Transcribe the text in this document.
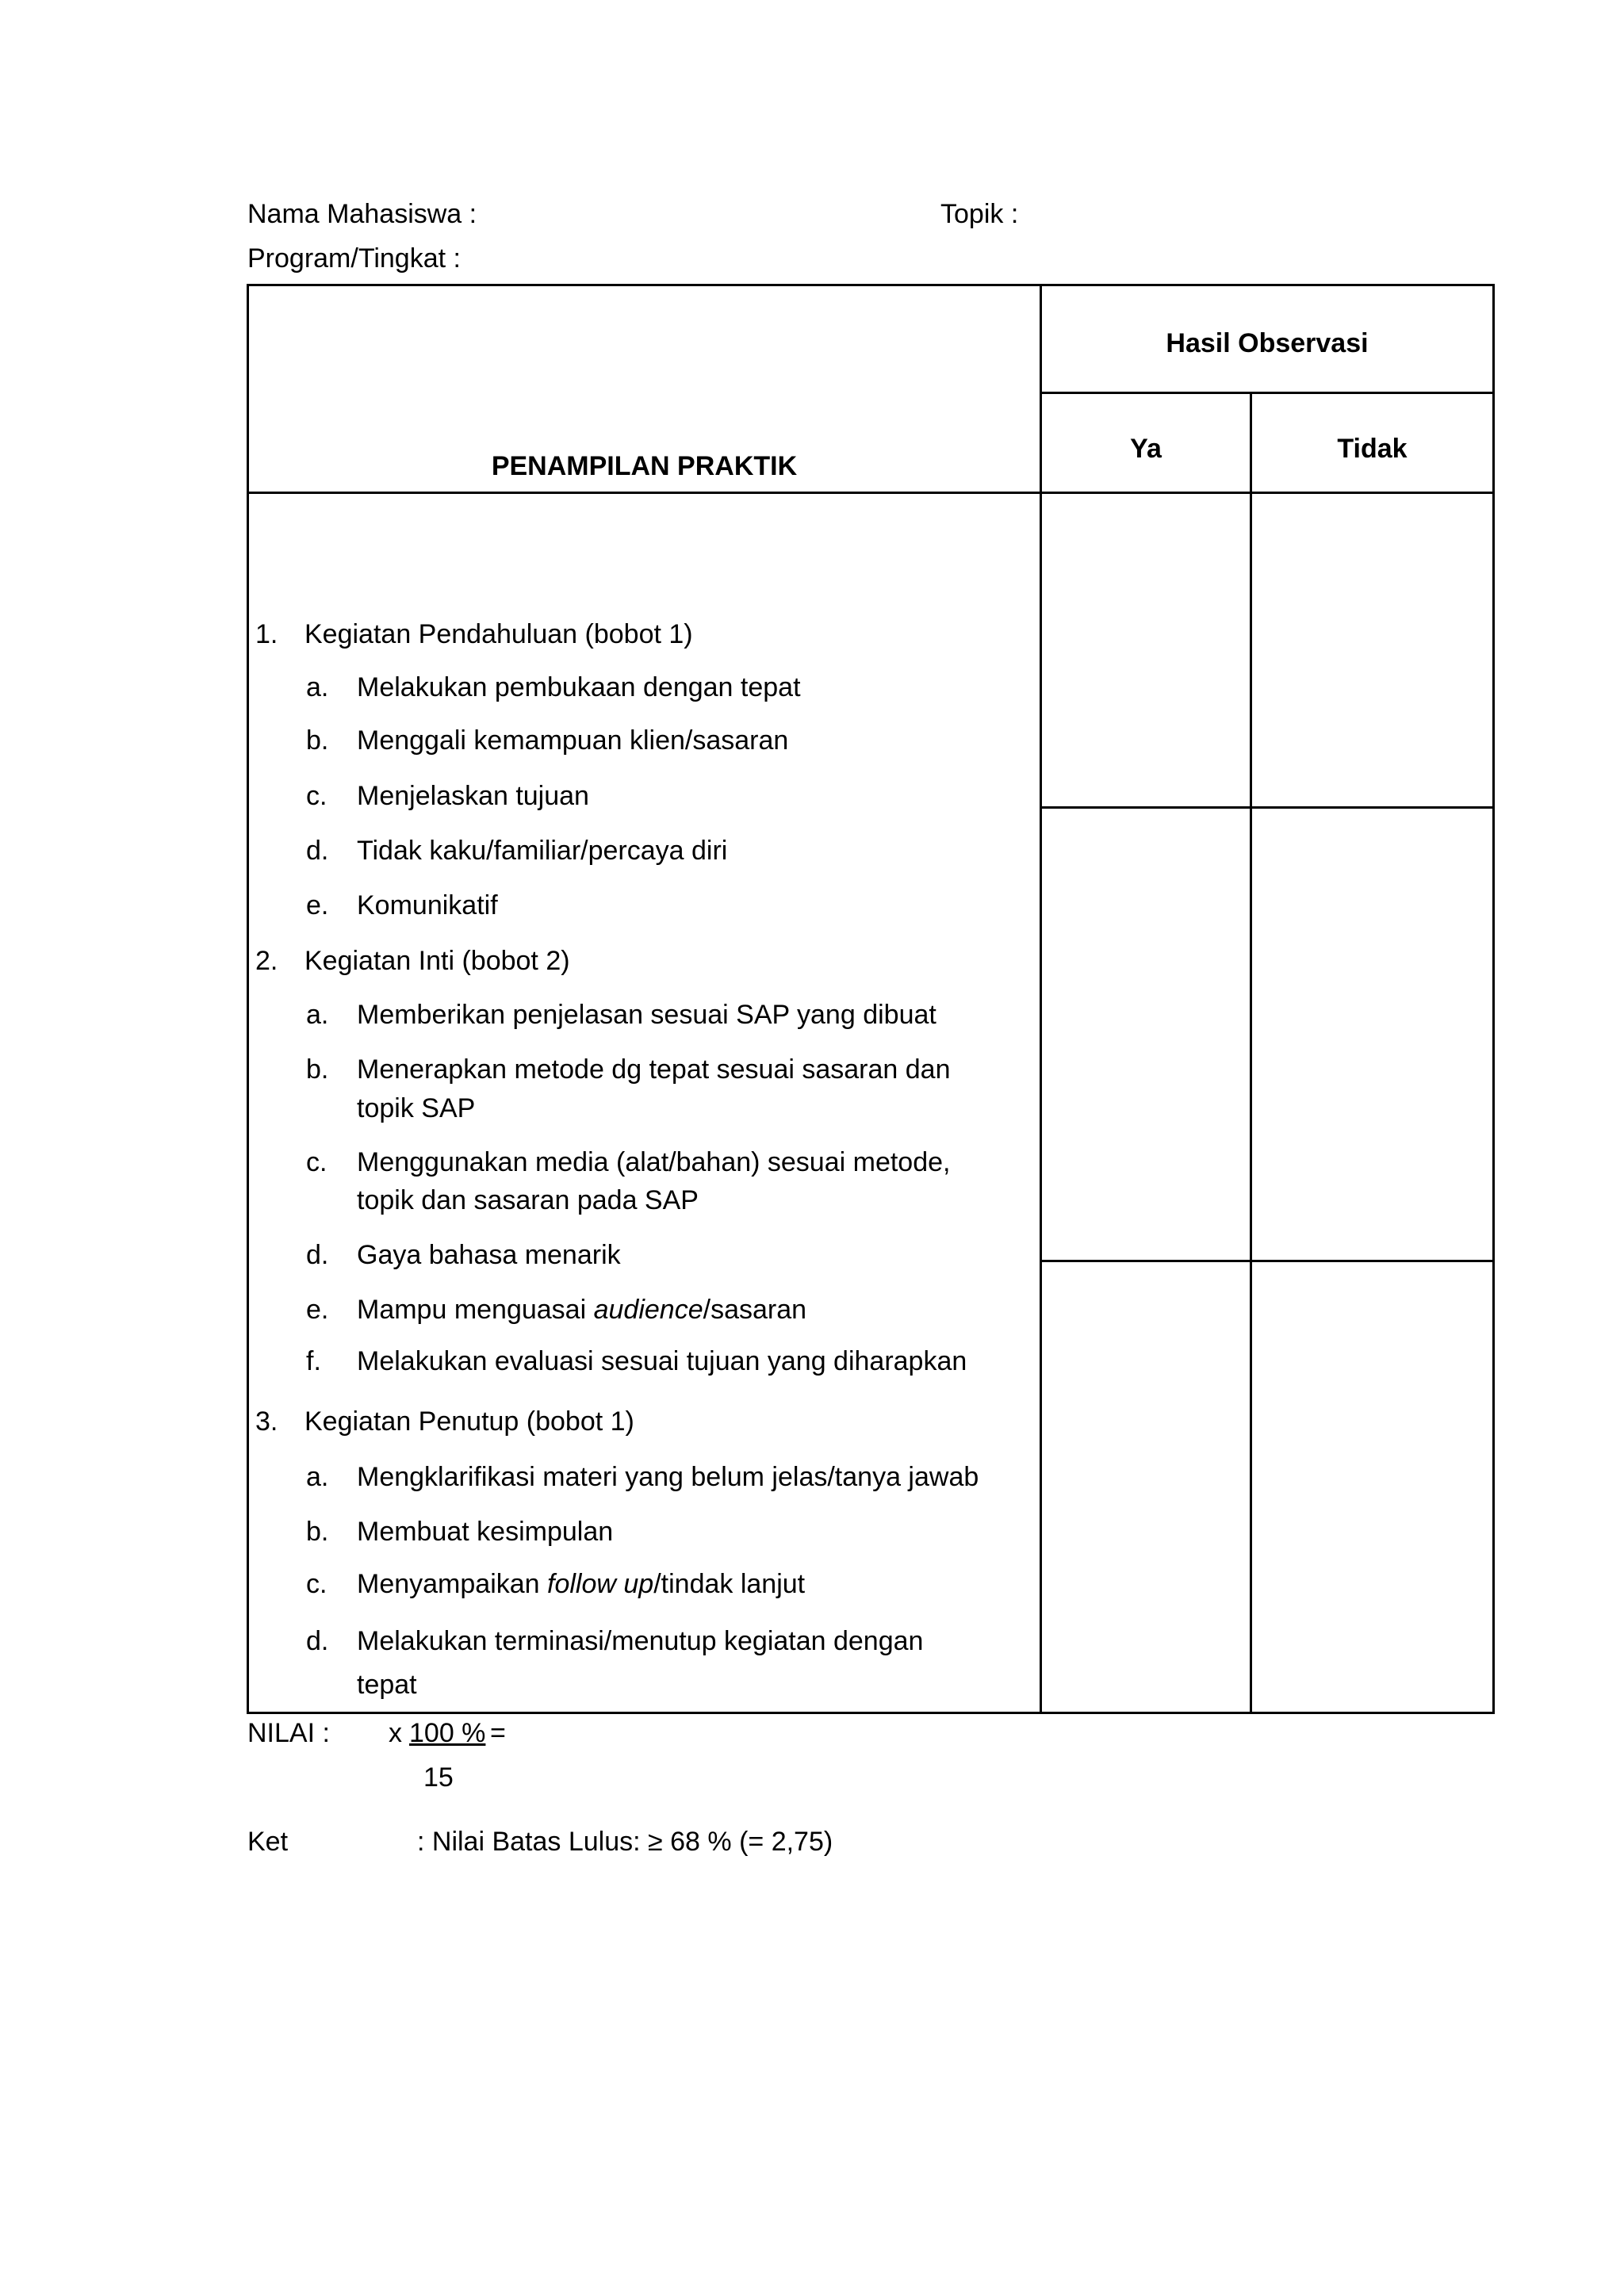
Nama Mahasiswa :	Topik :
Program/Tingkat :
Hasil Observasi
Ya	Tidak
PENAMPILAN PRAKTIK
1. Kegiatan Pendahuluan (bobot 1)
a. Melakukan pembukaan dengan tepat
b. Menggali kemampuan klien/sasaran
c. Menjelaskan tujuan
d. Tidak kaku/familiar/percaya diri
e. Komunikatif
2. Kegiatan Inti (bobot 2)
a. Memberikan penjelasan sesuai SAP yang dibuat
b. Menerapkan metode dg tepat sesuai sasaran dan
topik SAP
c. Menggunakan media (alat/bahan) sesuai metode,
topik dan sasaran pada SAP
d. Gaya bahasa menarik
e. Mampu menguasai audience/sasaran
f. Melakukan evaluasi sesuai tujuan yang diharapkan
3. Kegiatan Penutup (bobot 1)
a. Mengklarifikasi materi yang belum jelas/tanya jawab
b. Membuat kesimpulan
c. Menyampaikan follow up/tindak lanjut
d. Melakukan terminasi/menutup kegiatan dengan
tepat
NILAI : x 100 % =
15
Ket	: Nilai Batas Lulus: ≥ 68 % (= 2,75)
